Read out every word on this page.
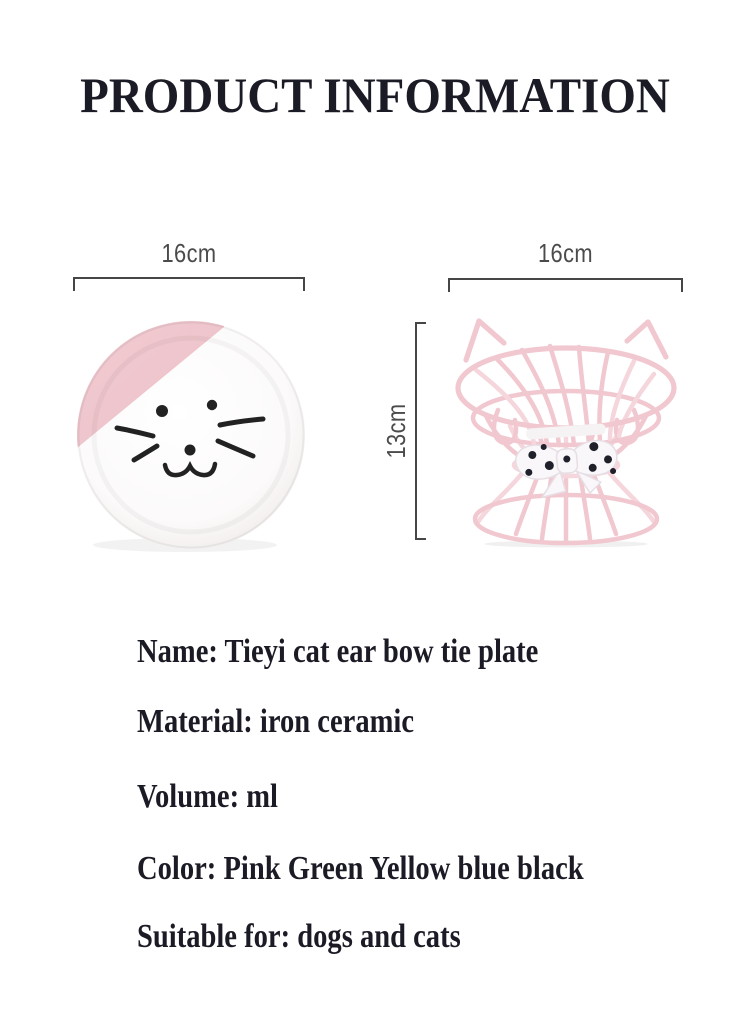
PRODUCT INFORMATION
16cm	16cm
13cm
Name: Tieyi cat ear bow tie plate
Material: iron ceramic
Volume: ml
Color: Pink Green Yellow blue black
Suitable for: dogs and cats
